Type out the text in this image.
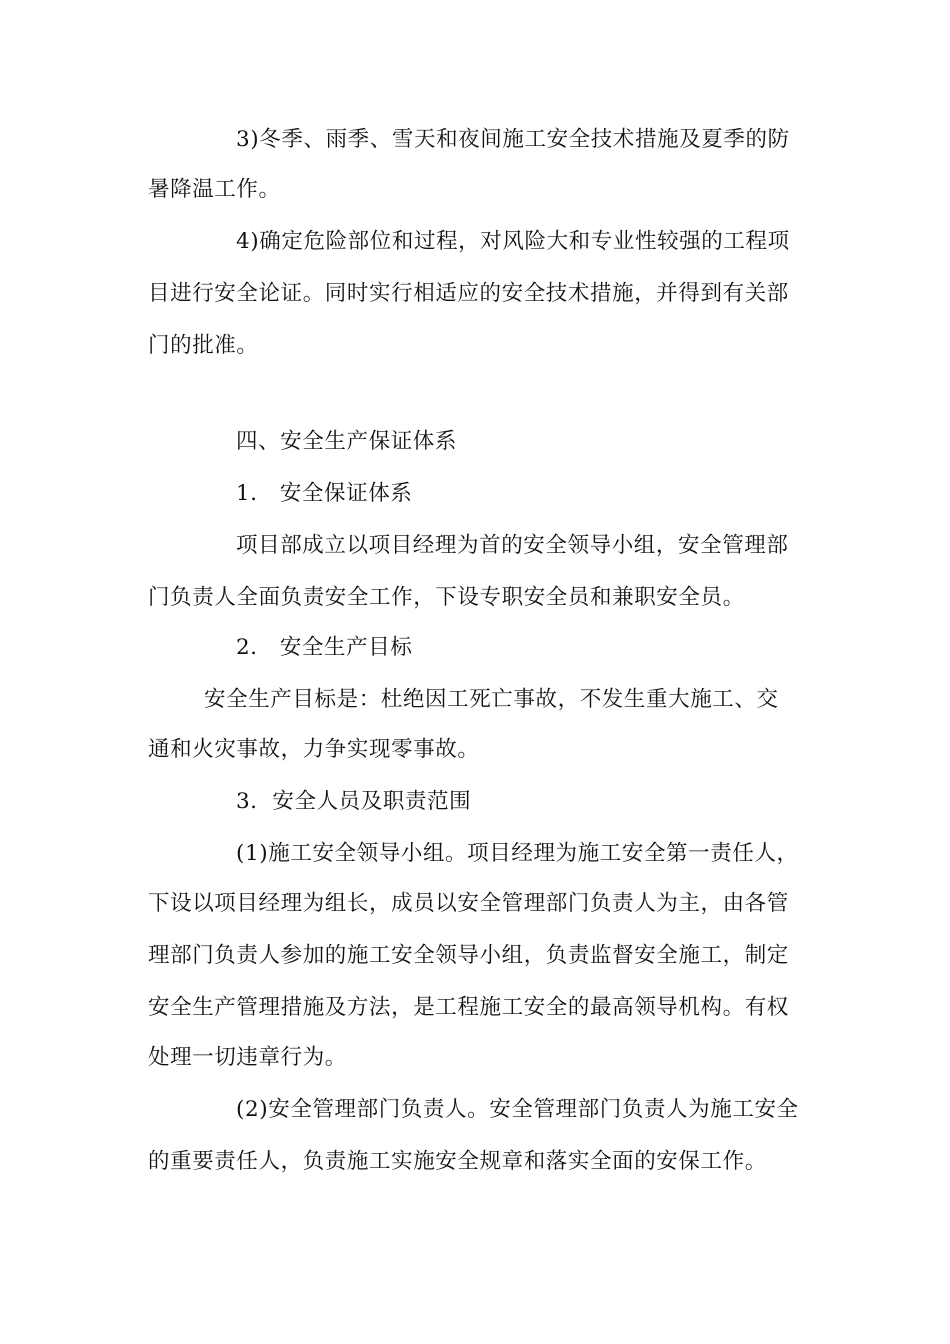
3)冬季、雨季、雪天和夜间施工安全技术措施及夏季的防
暑降温工作。
4)确定危险部位和过程，对风险大和专业性较强的工程项
目进行安全论证。同时实行相适应的安全技术措施，并得到有关部
门的批准。
四、安全生产保证体系
1． 安全保证体系
项目部成立以项目经理为首的安全领导小组，安全管理部
门负责人全面负责安全工作，下设专职安全员和兼职安全员。
2． 安全生产目标
安全生产目标是：杜绝因工死亡事故，不发生重大施工、交
通和火灾事故，力争实现零事故。
3．安全人员及职责范围
(1)施工安全领导小组。项目经理为施工安全第一责任人，
下设以项目经理为组长，成员以安全管理部门负责人为主，由各管
理部门负责人参加的施工安全领导小组，负责监督安全施工，制定
安全生产管理措施及方法，是工程施工安全的最高领导机构。有权
处理一切违章行为。
(2)安全管理部门负责人。安全管理部门负责人为施工安全
的重要责任人，负责施工实施安全规章和落实全面的安保工作。
